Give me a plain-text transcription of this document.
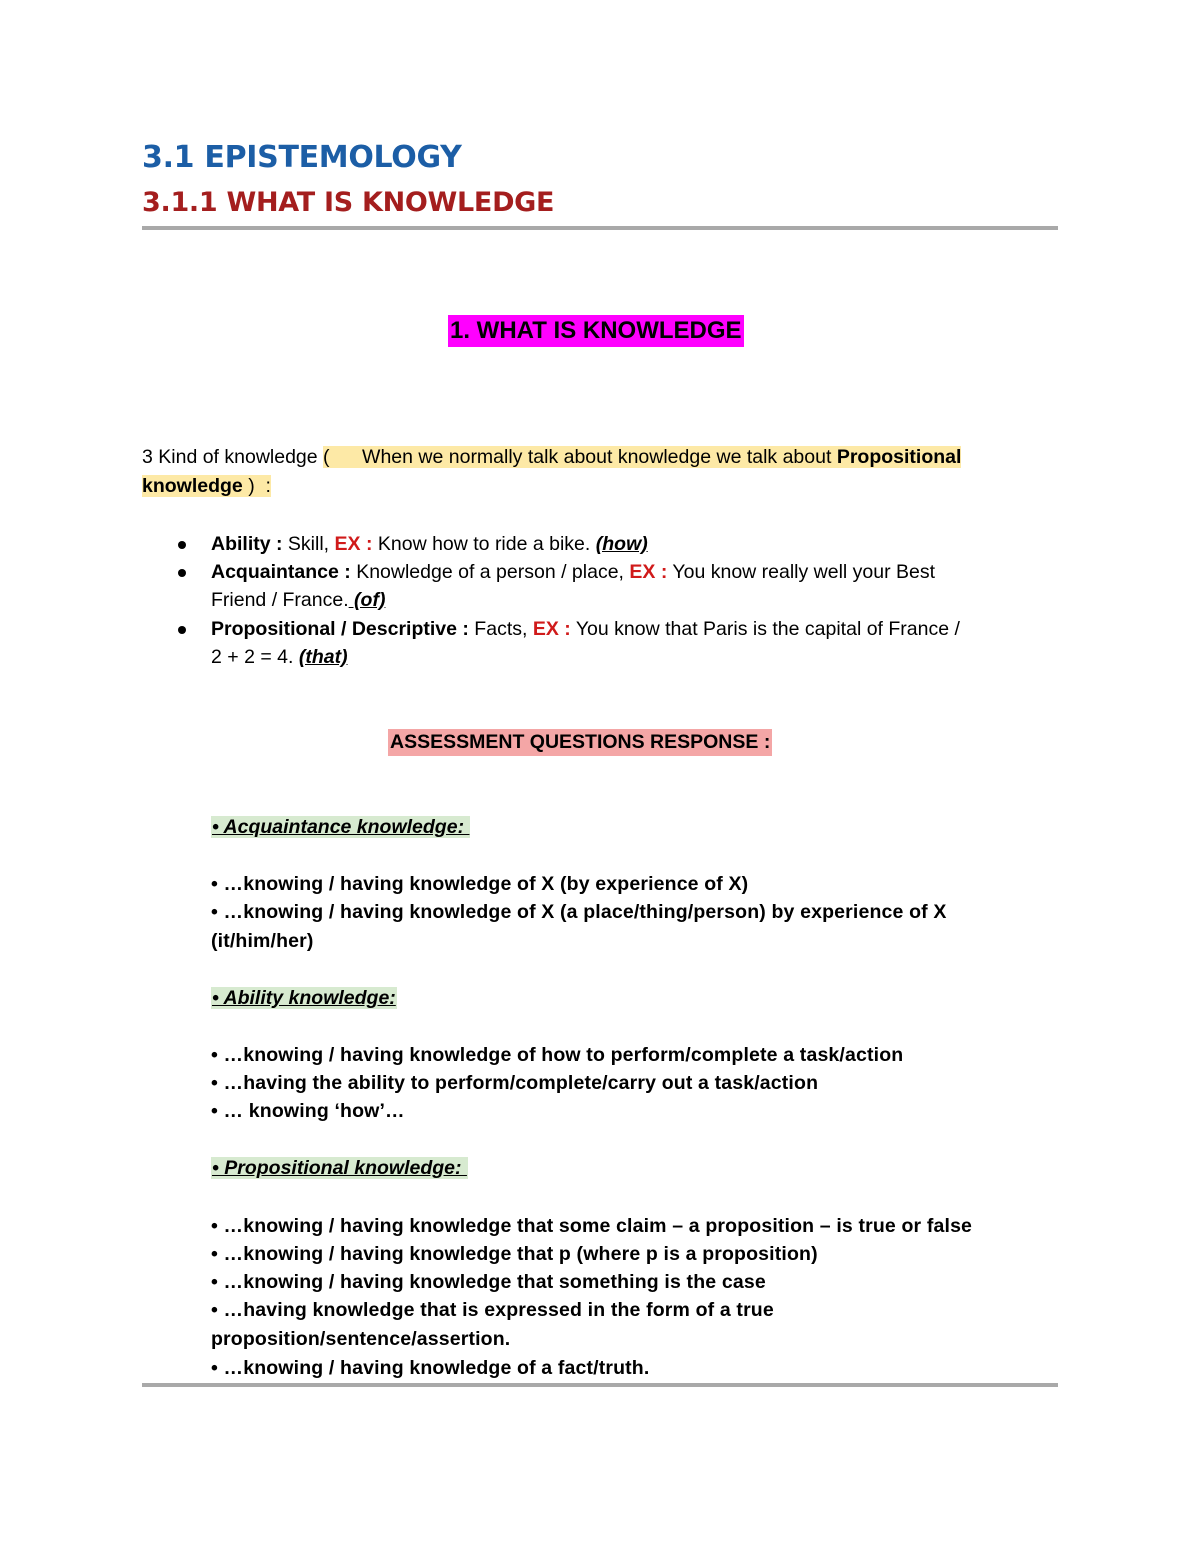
3.1 EPISTEMOLOGY
3.1.1 WHAT IS KNOWLEDGE
1. WHAT IS KNOWLEDGE
3 Kind of knowledge (      When we normally talk about knowledge we talk about Propositional
knowledge )  :
Ability : Skill, EX : Know how to ride a bike. (how)
Acquaintance : Knowledge of a person / place, EX : You know really well your Best
Friend / France. (of)
Propositional / Descriptive : Facts, EX : You know that Paris is the capital of France /
2 + 2 = 4. (that)
ASSESSMENT QUESTIONS RESPONSE :
• Acquaintance knowledge:
• …knowing / having knowledge of X (by experience of X)
• …knowing / having knowledge of X (a place/thing/person) by experience of X
(it/him/her)
• Ability knowledge:
• …knowing / having knowledge of how to perform/complete a task/action
• …having the ability to perform/complete/carry out a task/action
• … knowing ‘how’…
• Propositional knowledge:
• …knowing / having knowledge that some claim – a proposition – is true or false
• …knowing / having knowledge that p (where p is a proposition)
• …knowing / having knowledge that something is the case
• …having knowledge that is expressed in the form of a true
proposition/sentence/assertion.
• …knowing / having knowledge of a fact/truth.
